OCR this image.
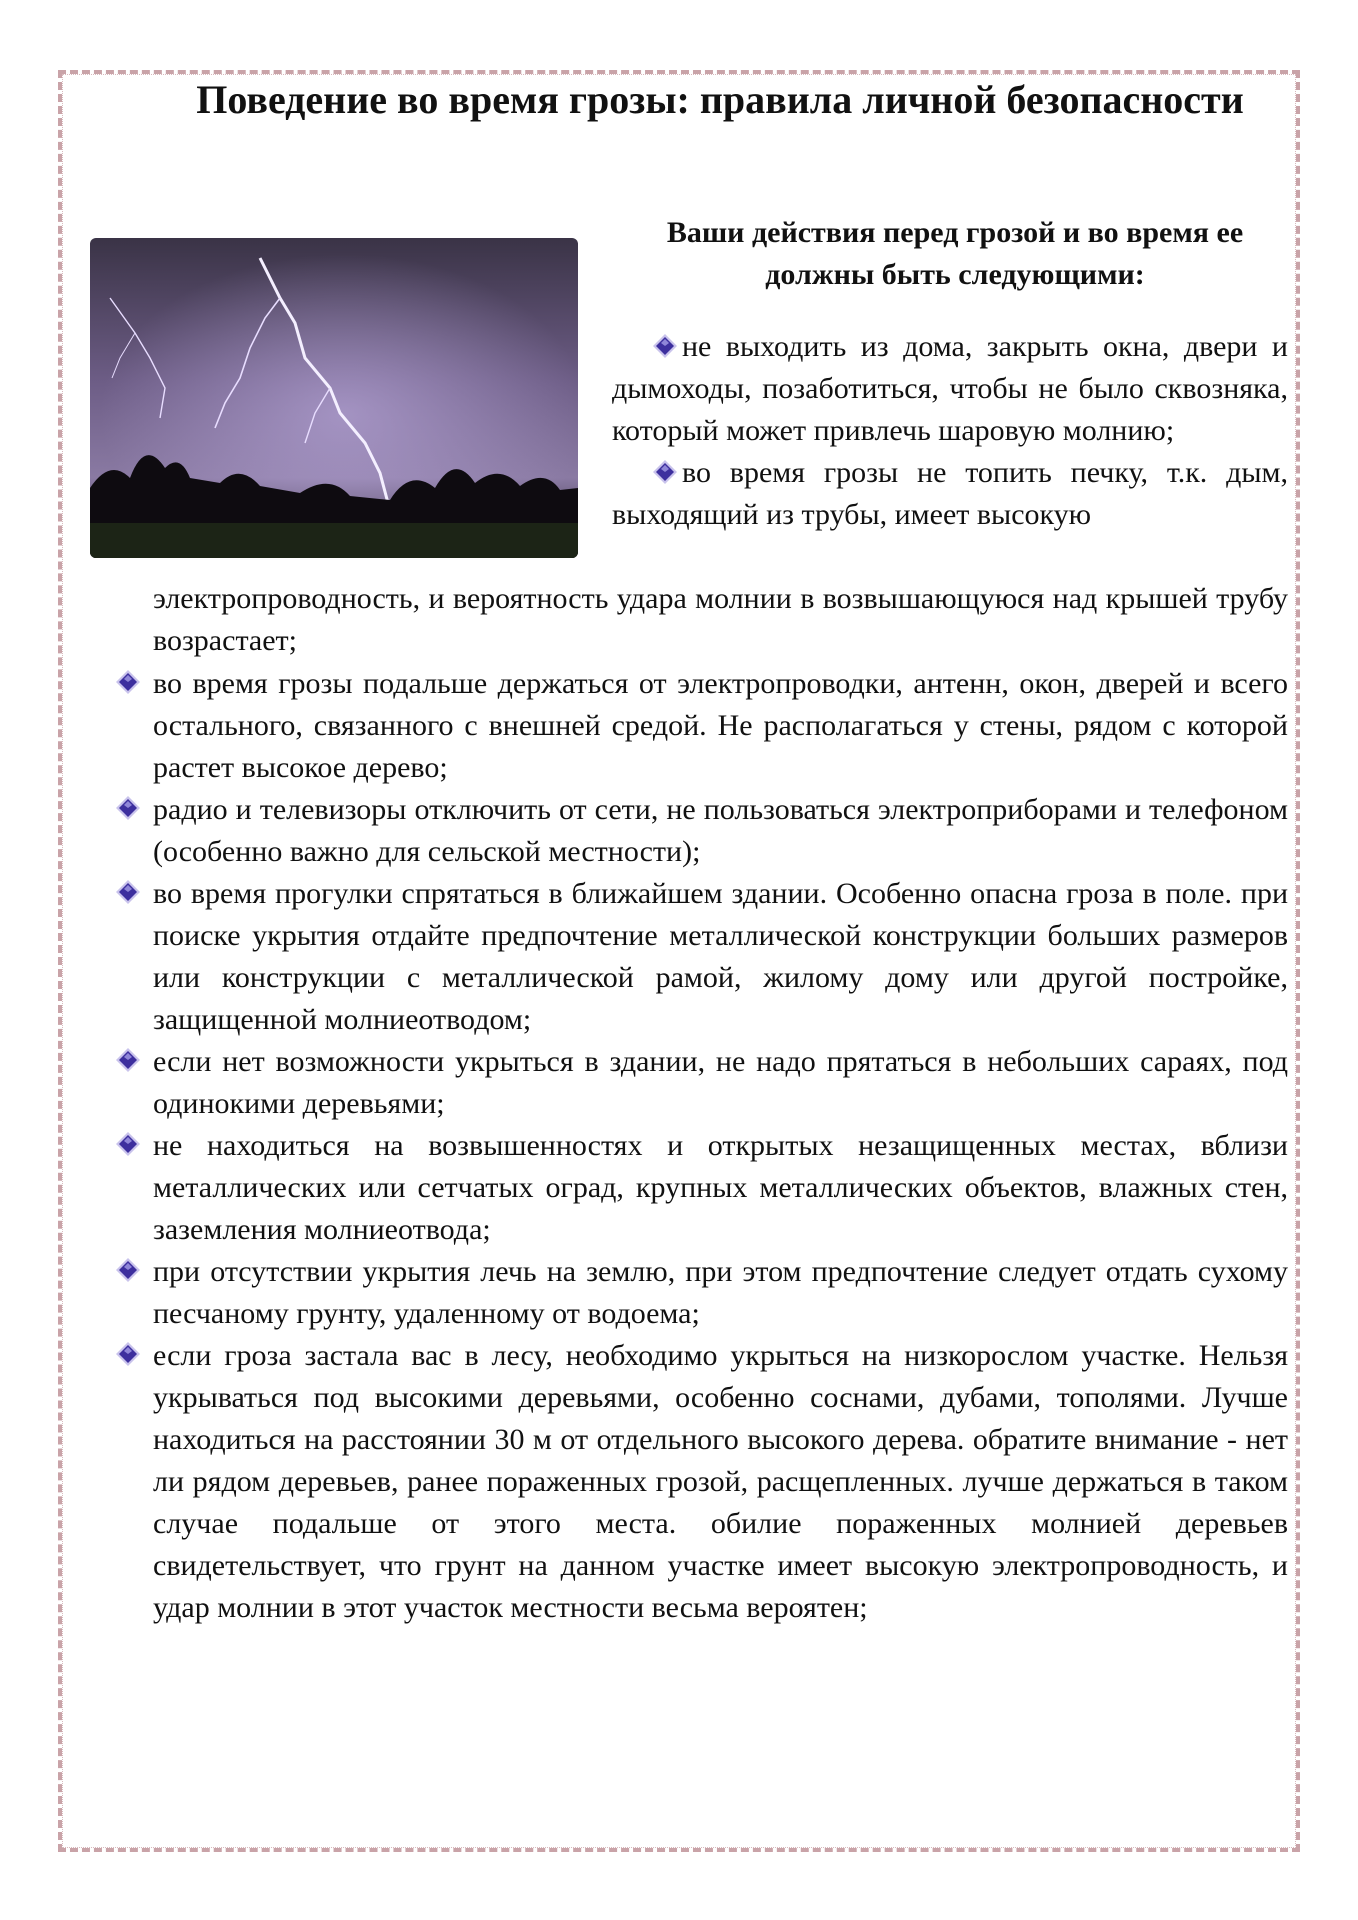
Поведение во время грозы: правила личной безопасности
Ваши действия перед грозой и во время ее должны быть следующими:

не выходить из дома, закрыть окна, двери и дымоходы, позаботиться, чтобы не было сквозняка, который может привлечь шаровую молнию;

во время грозы не топить печку, т.к. дым, выходящий из трубы, имеет высокую

электропроводность, и вероятность удара молнии в возвышающуюся над крышей трубу возрастает;

во время грозы подальше держаться от электропроводки, антенн, окон, дверей и всего остального, связанного с внешней средой. Не располагаться у стены, рядом с которой растет высокое дерево;

радио и телевизоры отключить от сети, не пользоваться электроприборами и телефоном (особенно важно для сельской местности);

во время прогулки спрятаться в ближайшем здании. Особенно опасна гроза в поле. при поиске укрытия отдайте предпочтение металлической конструкции больших размеров или конструкции с металлической рамой, жилому дому или другой постройке, защищенной молниеотводом;

если нет возможности укрыться в здании, не надо прятаться в небольших сараях, под одинокими деревьями;

не находиться на возвышенностях и открытых незащищенных местах, вблизи металлических или сетчатых оград, крупных металлических объектов, влажных стен, заземления молниеотвода;

при отсутствии укрытия лечь на землю, при этом предпочтение следует отдать сухому песчаному грунту, удаленному от водоема;

если гроза застала вас в лесу, необходимо укрыться на низкорослом участке. Нельзя укрываться под высокими деревьями, особенно соснами, дубами, тополями. Лучше находиться на расстоянии 30 м от отдельного высокого дерева. обратите внимание - нет ли рядом деревьев, ранее пораженных грозой, расщепленных. лучше держаться в таком случае подальше от этого места. обилие пораженных молнией деревьев свидетельствует, что грунт на данном участке имеет высокую электропроводность, и удар молнии в этот участок местности весьма вероятен;
